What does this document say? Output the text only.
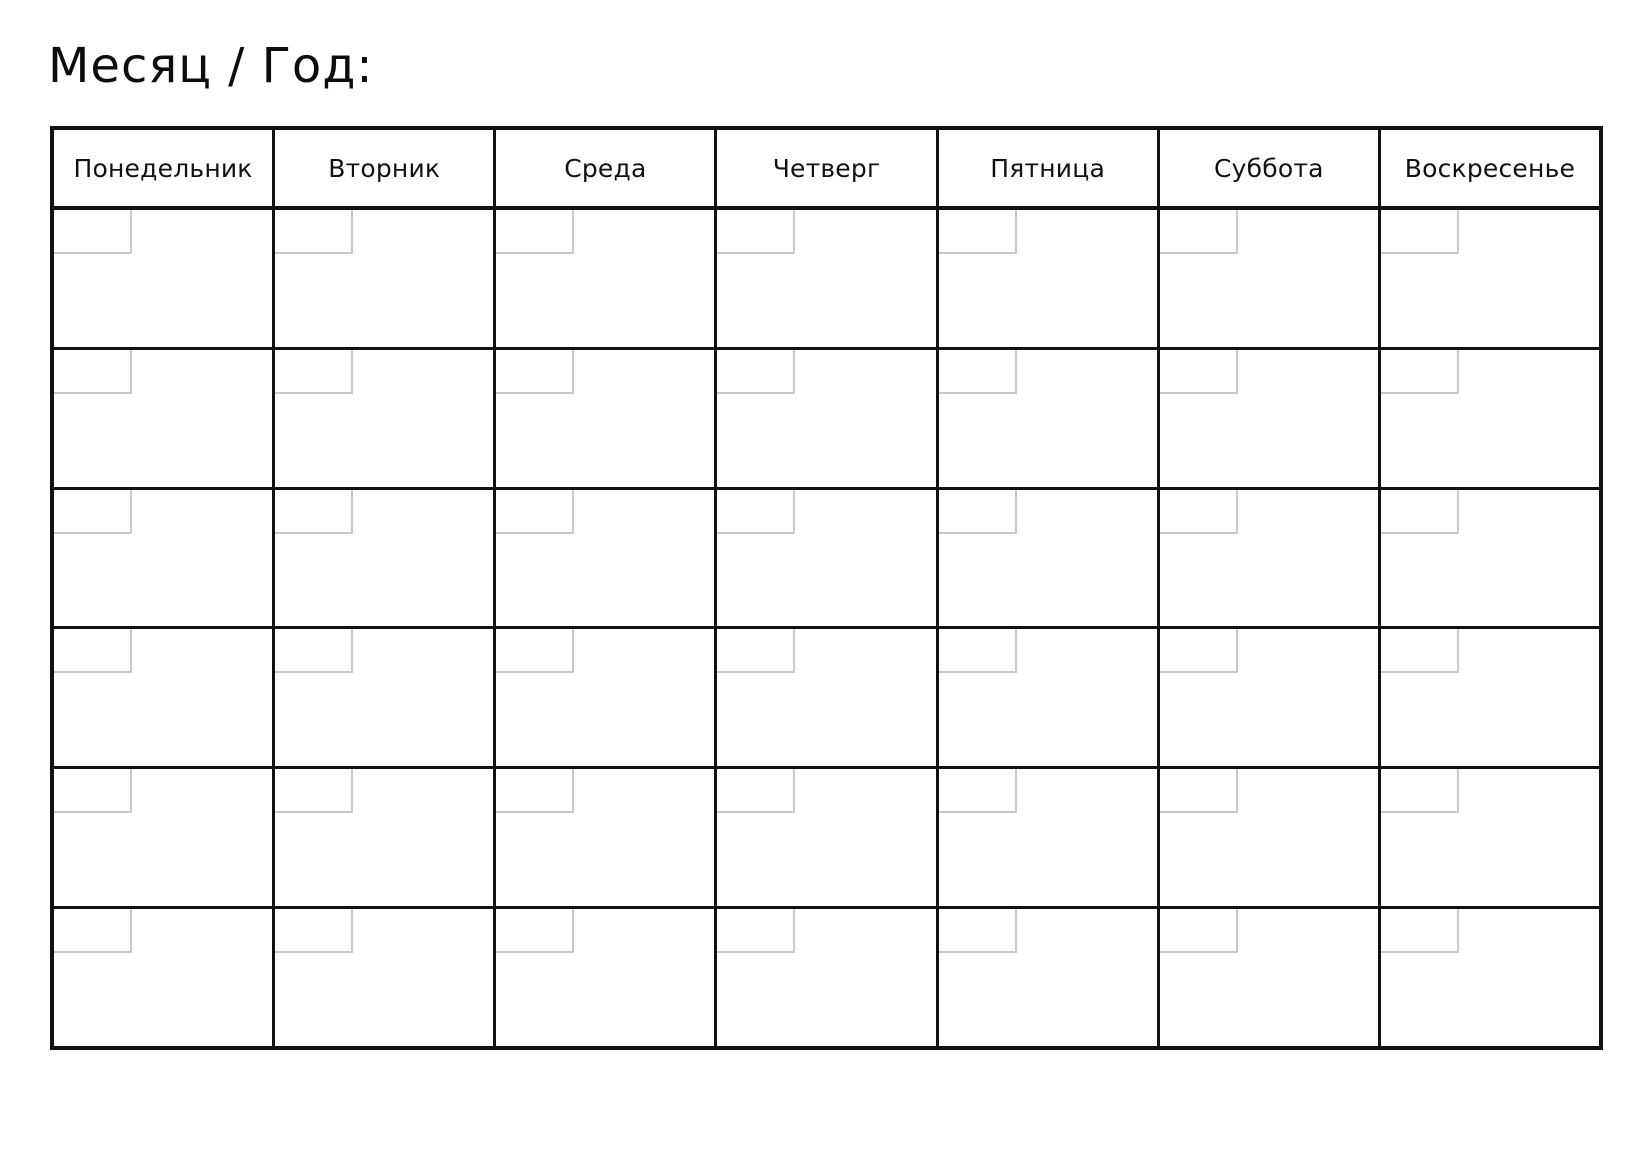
Месяц / Год:
Понедельник	Вторник	Среда	Четверг	Пятница	Суббота	Воскресенье
